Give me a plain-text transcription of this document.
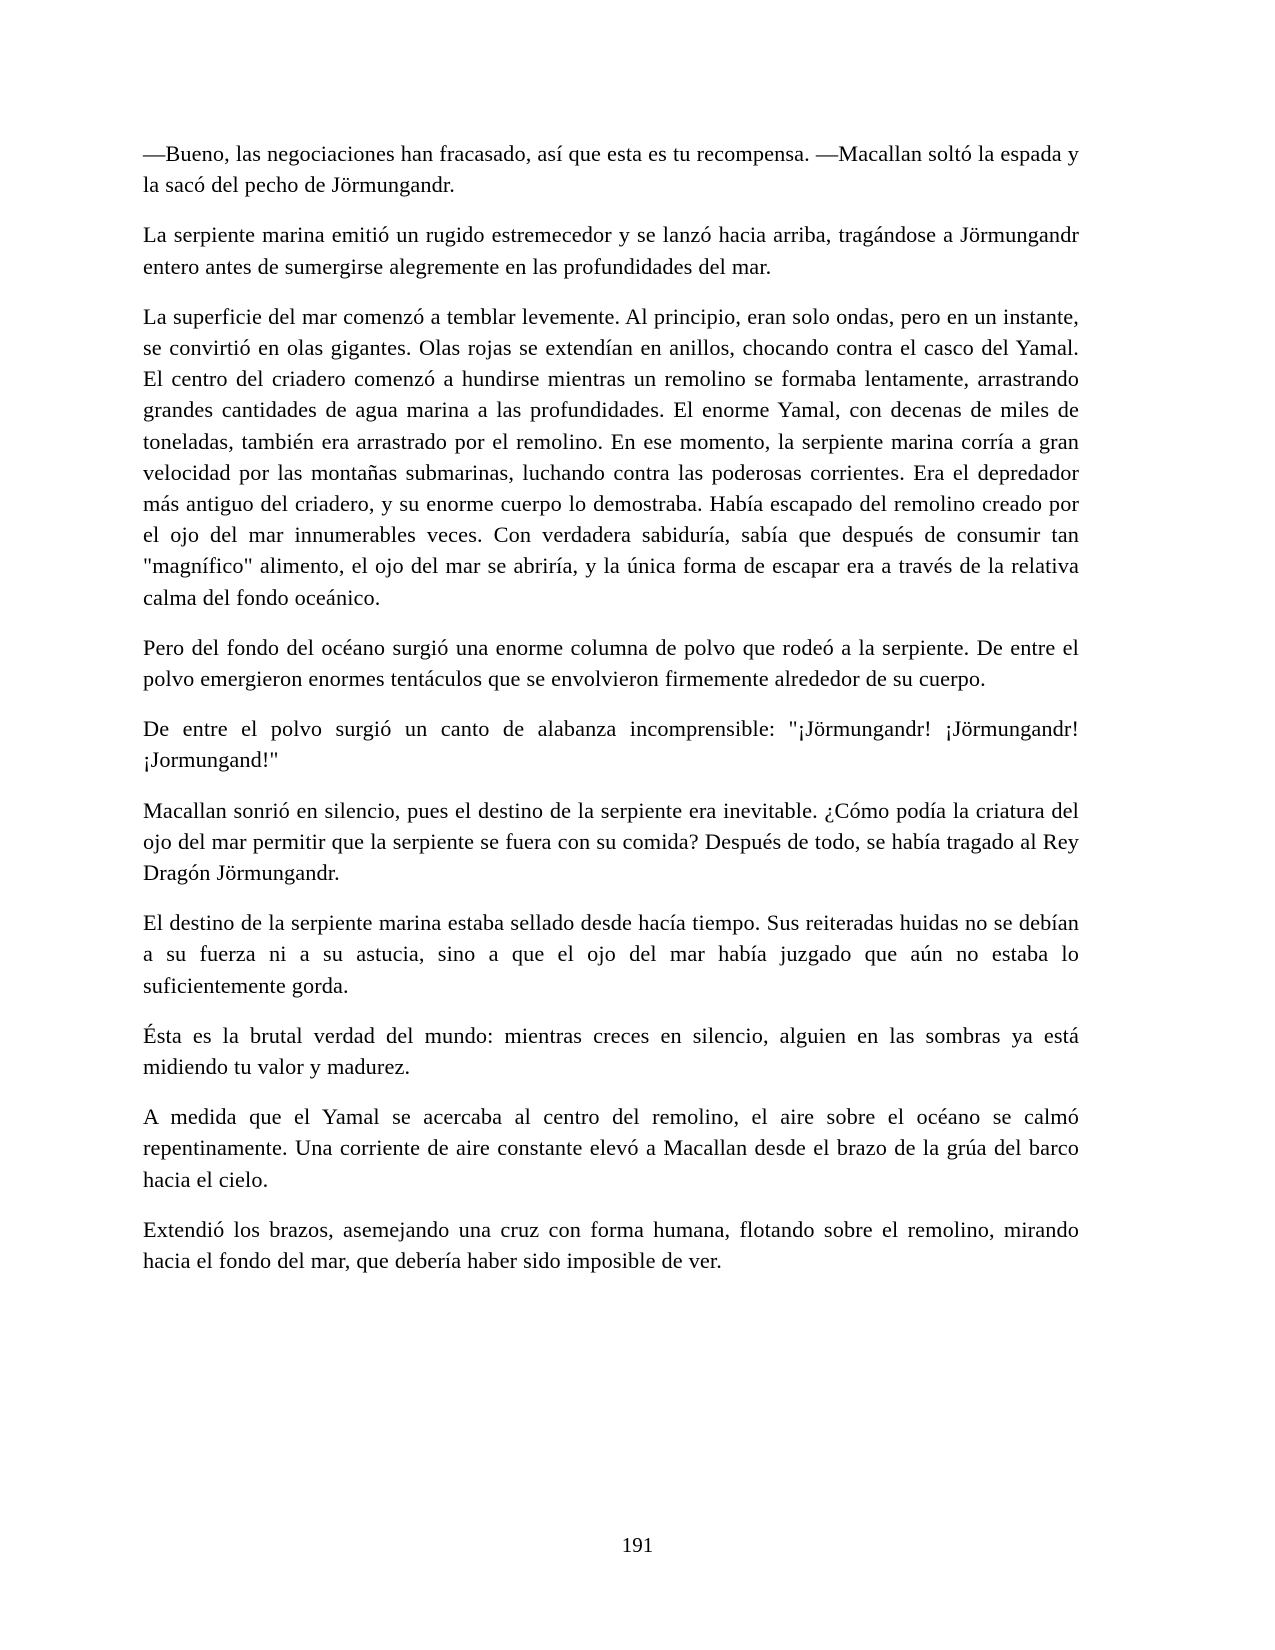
—Bueno, las negociaciones han fracasado, así que esta es tu recompensa. —Macallan soltó la espada y la sacó del pecho de Jörmungandr.

La serpiente marina emitió un rugido estremecedor y se lanzó hacia arriba, tragándose a Jörmungandr entero antes de sumergirse alegremente en las profundidades del mar.

La superficie del mar comenzó a temblar levemente. Al principio, eran solo ondas, pero en un instante, se convirtió en olas gigantes. Olas rojas se extendían en anillos, chocando contra el casco del Yamal. El centro del criadero comenzó a hundirse mientras un remolino se formaba lentamente, arrastrando grandes cantidades de agua marina a las profundidades. El enorme Yamal, con decenas de miles de toneladas, también era arrastrado por el remolino. En ese momento, la serpiente marina corría a gran velocidad por las montañas submarinas, luchando contra las poderosas corrientes. Era el depredador más antiguo del criadero, y su enorme cuerpo lo demostraba. Había escapado del remolino creado por el ojo del mar innumerables veces. Con verdadera sabiduría, sabía que después de consumir tan "magnífico" alimento, el ojo del mar se abriría, y la única forma de escapar era a través de la relativa calma del fondo oceánico.

Pero del fondo del océano surgió una enorme columna de polvo que rodeó a la serpiente. De entre el polvo emergieron enormes tentáculos que se envolvieron firmemente alrededor de su cuerpo.

De entre el polvo surgió un canto de alabanza incomprensible: "¡Jörmungandr! ¡Jörmungandr! ¡Jormungand!"

Macallan sonrió en silencio, pues el destino de la serpiente era inevitable. ¿Cómo podía la criatura del ojo del mar permitir que la serpiente se fuera con su comida? Después de todo, se había tragado al Rey Dragón Jörmungandr.

El destino de la serpiente marina estaba sellado desde hacía tiempo. Sus reiteradas huidas no se debían a su fuerza ni a su astucia, sino a que el ojo del mar había juzgado que aún no estaba lo suficientemente gorda.

Ésta es la brutal verdad del mundo: mientras creces en silencio, alguien en las sombras ya está midiendo tu valor y madurez.

A medida que el Yamal se acercaba al centro del remolino, el aire sobre el océano se calmó repentinamente. Una corriente de aire constante elevó a Macallan desde el brazo de la grúa del barco hacia el cielo.

Extendió los brazos, asemejando una cruz con forma humana, flotando sobre el remolino, mirando hacia el fondo del mar, que debería haber sido imposible de ver.

191
